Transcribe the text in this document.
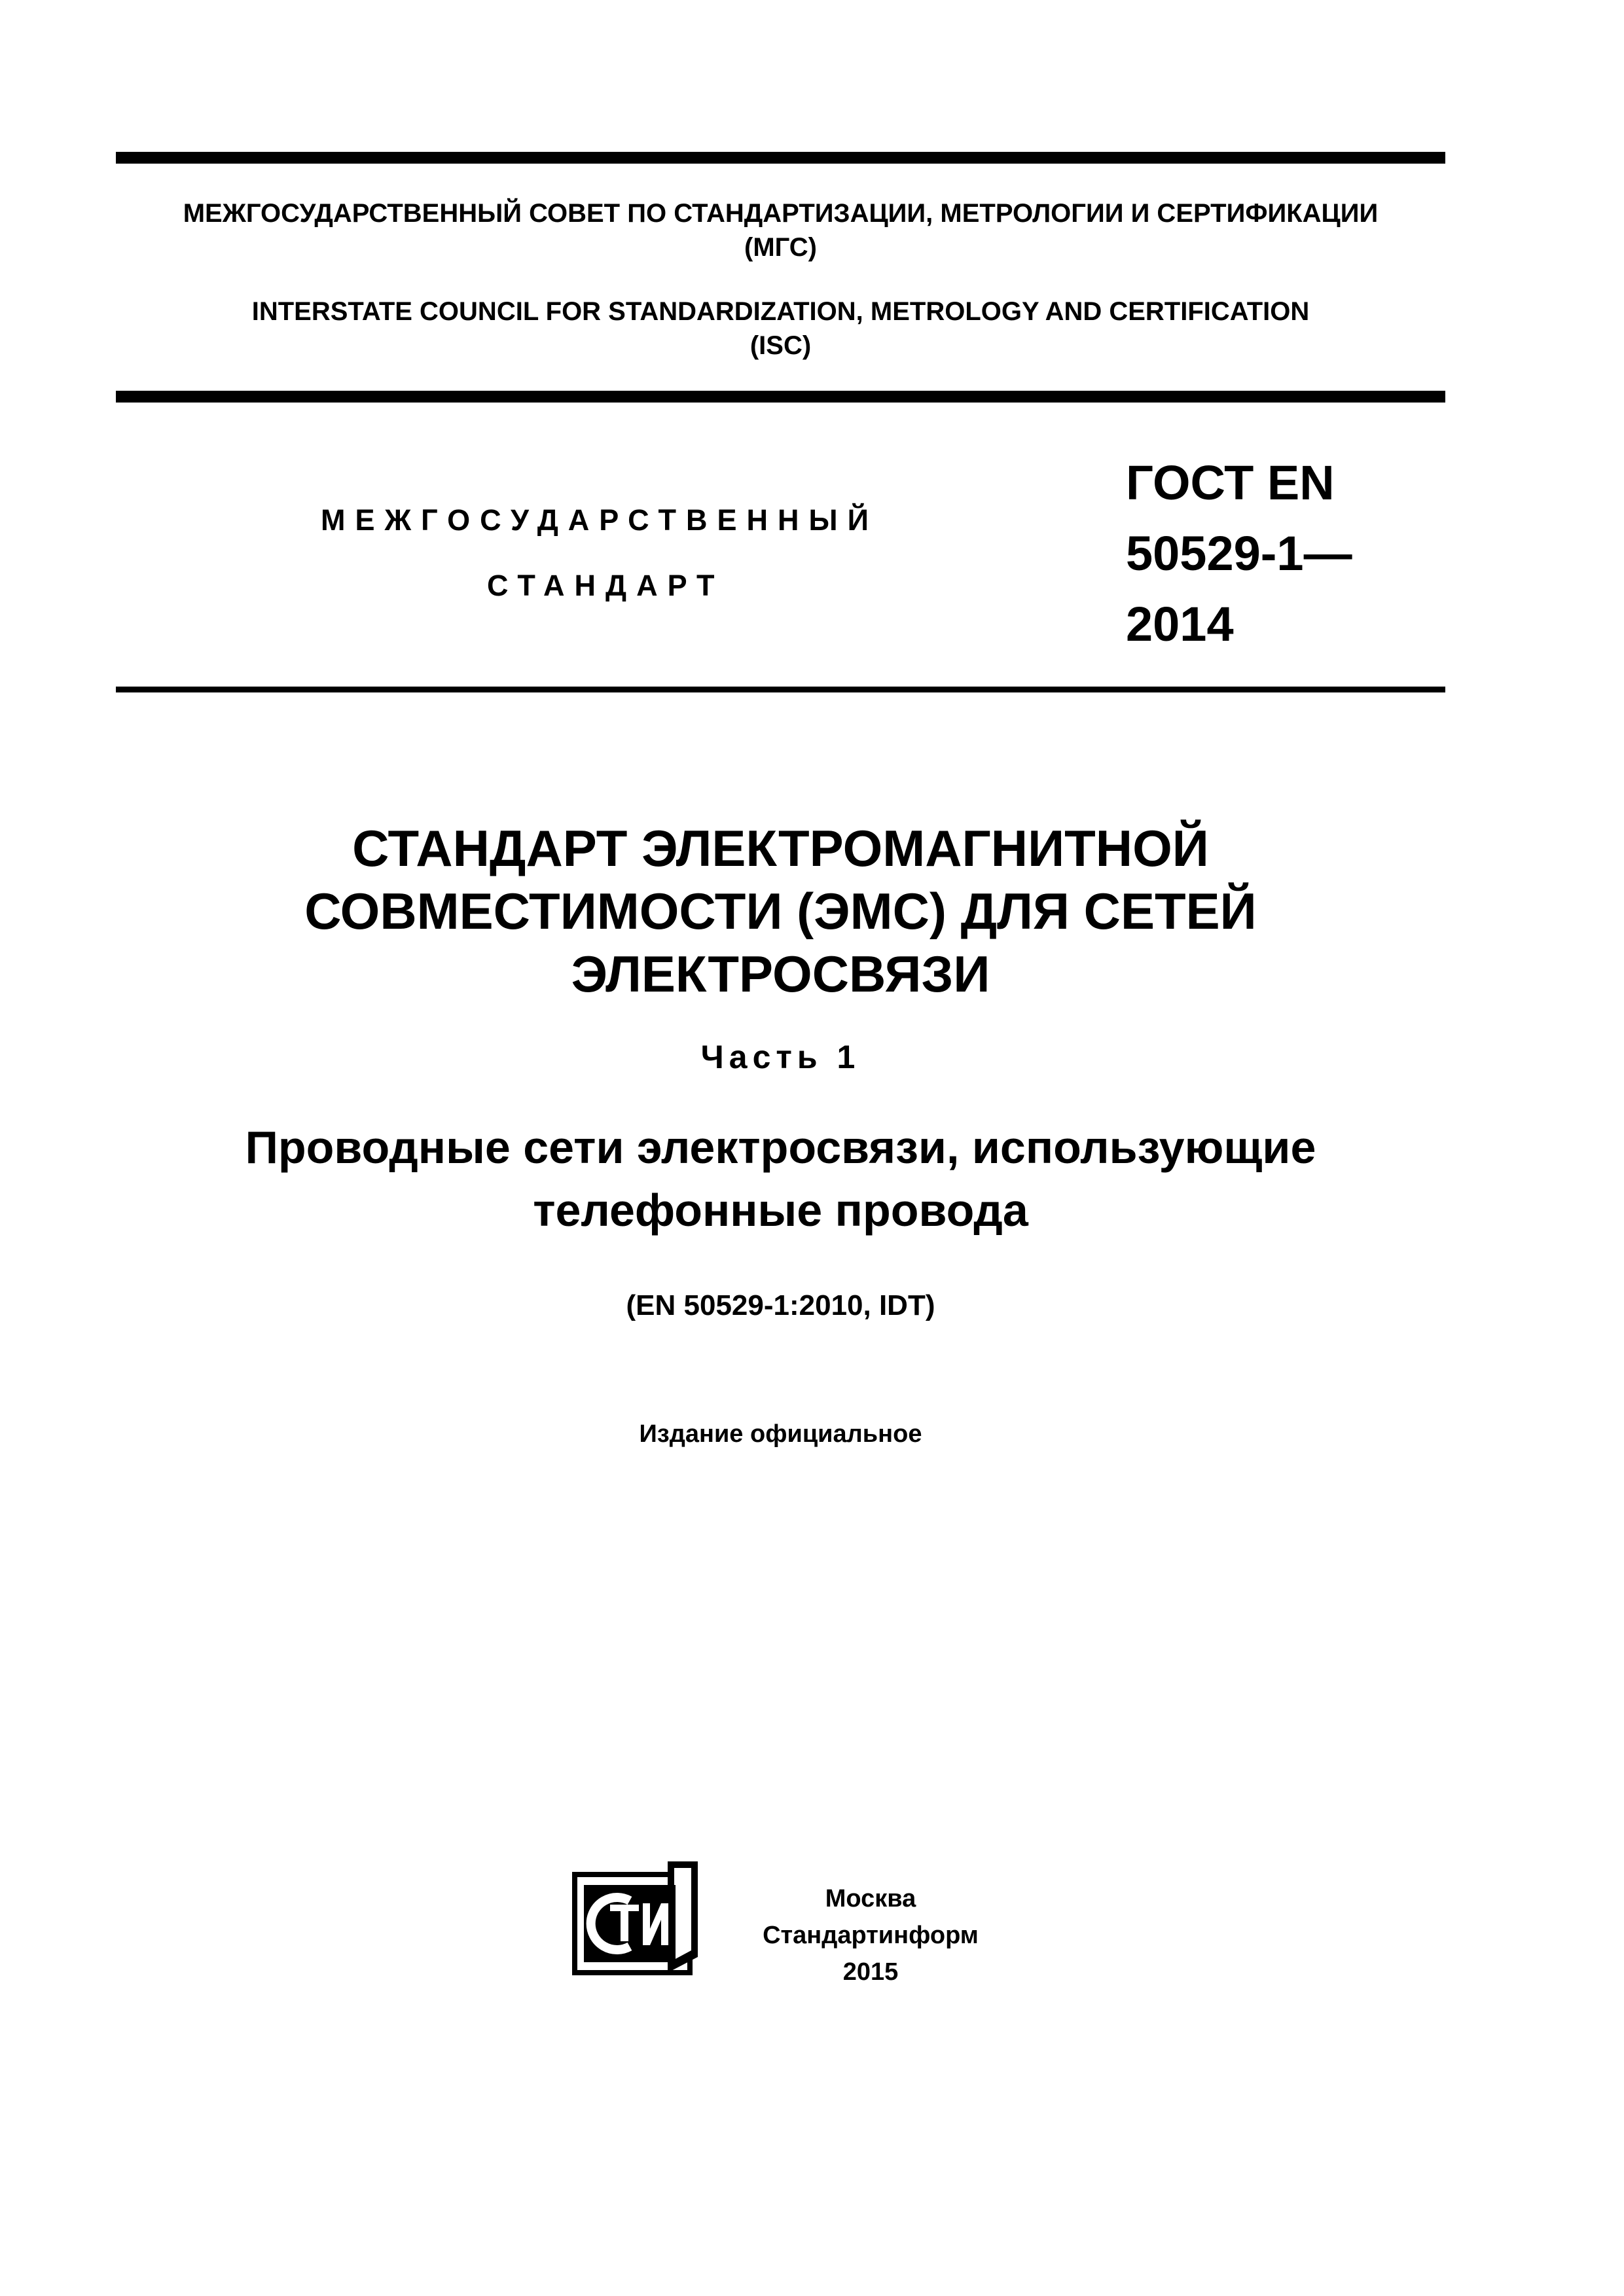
МЕЖГОСУДАРСТВЕННЫЙ СОВЕТ ПО СТАНДАРТИЗАЦИИ, МЕТРОЛОГИИ И СЕРТИФИКАЦИИ
(МГС)
INTERSTATE COUNCIL FOR STANDARDIZATION, METROLOGY AND CERTIFICATION
(ISC)
МЕЖГОСУДАРСТВЕННЫЙ
СТАНДАРТ
ГОСТ EN
50529-1—
2014
СТАНДАРТ ЭЛЕКТРОМАГНИТНОЙ
СОВМЕСТИМОСТИ (ЭМС) ДЛЯ СЕТЕЙ
ЭЛЕКТРОСВЯЗИ
Часть 1
Проводные сети электросвязи, использующие
телефонные провода
(EN 50529-1:2010, IDT)
Издание официальное
Москва
Стандартинформ
2015
